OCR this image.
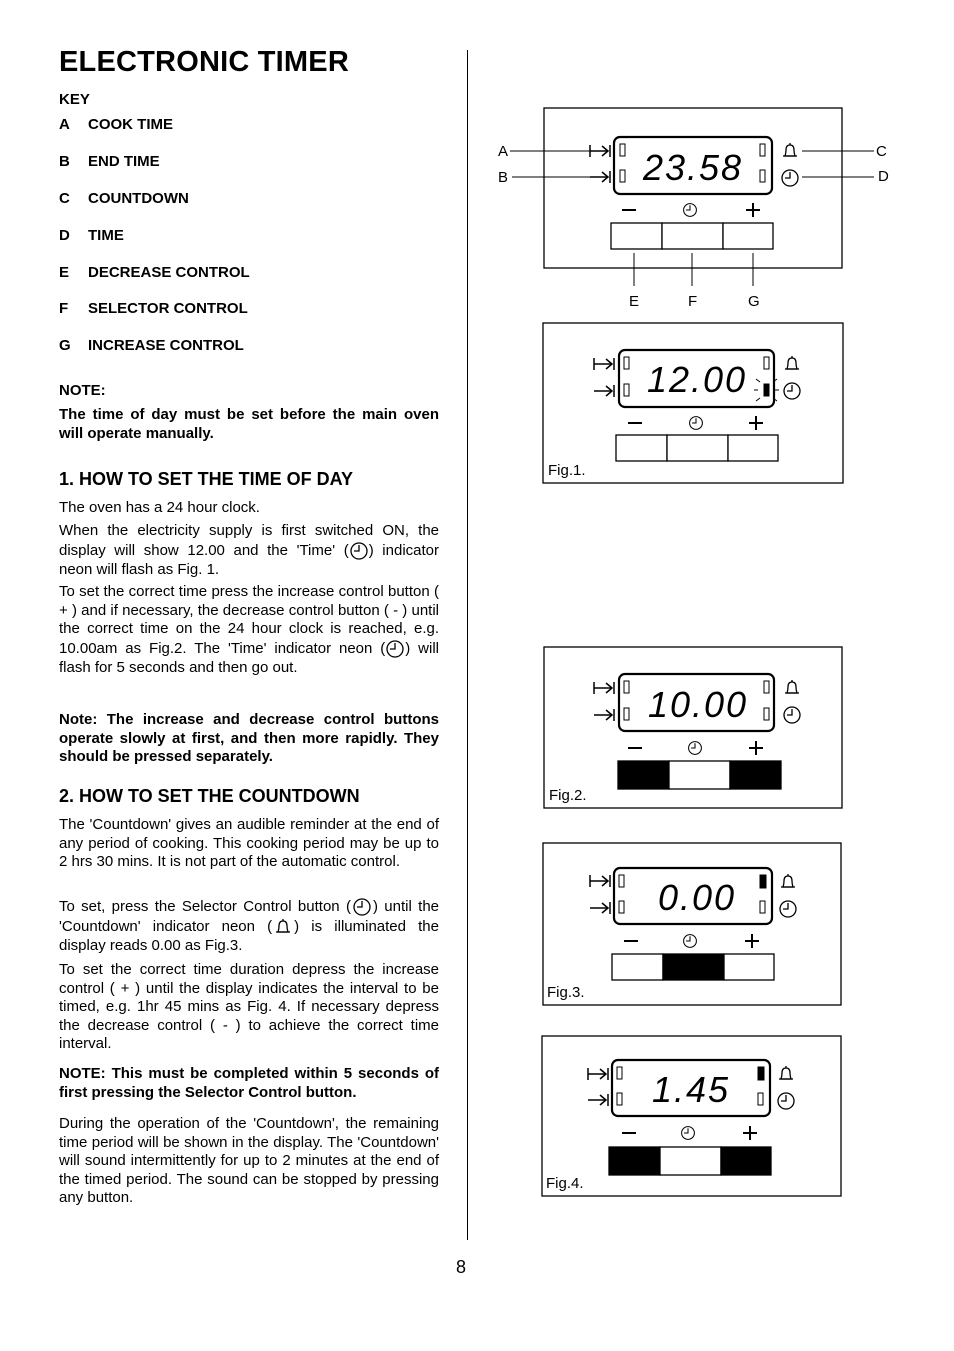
ELECTRONIC TIMER
KEY
A COOK TIME
B END TIME
C COUNTDOWN
D TIME
E DECREASE CONTROL
F SELECTOR CONTROL
G INCREASE CONTROL
NOTE:
The time of day must be set before the main oven will operate manually.
1. HOW TO SET THE TIME OF DAY
The oven has a 24 hour clock.
When the electricity supply is first switched ON, the display will show 12.00 and the 'Time' ( ) indicator neon will flash as Fig. 1.
To set the correct time press the increase control button ( + ) and if necessary, the decrease control button ( - ) until the correct time on the 24 hour clock is reached, e.g. 10.00am as Fig.2. The 'Time' indicator neon ( ) will flash for 5 seconds and then go out.
Note: The increase and decrease control buttons operate slowly at first, and then more rapidly. They should be pressed separately.
2. HOW TO SET THE COUNTDOWN
The 'Countdown' gives an audible reminder at the end of any period of cooking. This cooking period may be up to 2 hrs 30 mins. It is not part of the automatic control.
To set, press the Selector Control button ( ) until the 'Countdown' indicator neon ( ) is illuminated the display reads 0.00 as Fig.3.
To set the correct time duration depress the increase control ( + ) until the display indicates the interval to be timed, e.g. 1hr 45 mins as Fig. 4. If necessary depress the decrease control ( - ) to achieve the correct time interval.
NOTE: This must be completed within 5 seconds of first pressing the Selector Control button.
During the operation of the 'Countdown', the remaining time period will be shown in the display. The 'Countdown' will sound intermittently for up to 2 minutes at the end of the timed period. The sound can be stopped by pressing any button.
8
23.58
A
B
C
D
E	F	G
12.00
Fig.1.
10.00
Fig.2.
0.00
Fig.3.
1.45
Fig.4.
